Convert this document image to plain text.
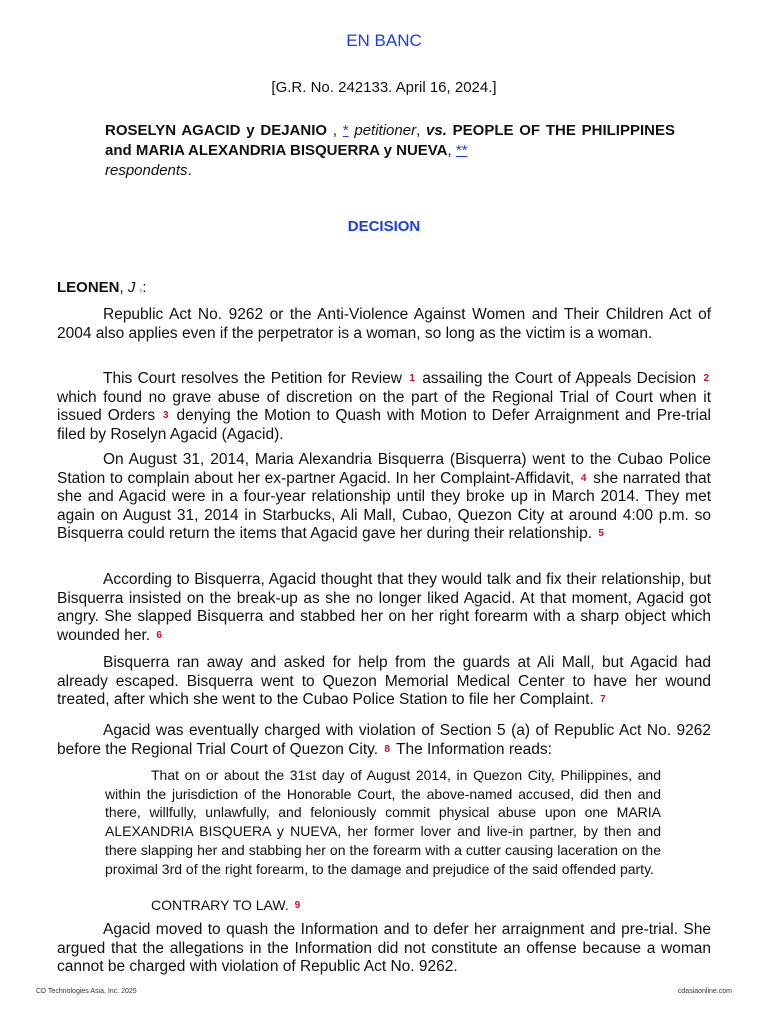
EN BANC
[G.R. No. 242133. April 16, 2024.]
ROSELYN AGACID y DEJANIO , * petitioner, vs. PEOPLE OF THE PHILIPPINES and MARIA ALEXANDRIA BISQUERRA y NUEVA, **
respondents.
DECISION
LEONEN, J p:

Republic Act No. 9262 or the Anti-Violence Against Women and Their Children Act of 2004 also applies even if the perpetrator is a woman, so long as the victim is a woman.

This Court resolves the Petition for Review 1 assailing the Court of Appeals Decision 2 which found no grave abuse of discretion on the part of the Regional Trial of Court when it issued Orders 3 denying the Motion to Quash with Motion to Defer Arraignment and Pre-trial filed by Roselyn Agacid (Agacid).

On August 31, 2014, Maria Alexandria Bisquerra (Bisquerra) went to the Cubao Police Station to complain about her ex-partner Agacid. In her Complaint-Affidavit, 4 she narrated that she and Agacid were in a four-year relationship until they broke up in March 2014. They met again on August 31, 2014 in Starbucks, Ali Mall, Cubao, Quezon City at around 4:00 p.m. so Bisquerra could return the items that Agacid gave her during their relationship. 5

According to Bisquerra, Agacid thought that they would talk and fix their relationship, but Bisquerra insisted on the break-up as she no longer liked Agacid. At that moment, Agacid got angry. She slapped Bisquerra and stabbed her on her right forearm with a sharp object which wounded her. 6

Bisquerra ran away and asked for help from the guards at Ali Mall, but Agacid had already escaped. Bisquerra went to Quezon Memorial Medical Center to have her wound treated, after which she went to the Cubao Police Station to file her Complaint. 7

Agacid was eventually charged with violation of Section 5 (a) of Republic Act No. 9262 before the Regional Trial Court of Quezon City. 8 The Information reads:

That on or about the 31st day of August 2014, in Quezon City, Philippines, and within the jurisdiction of the Honorable Court, the above-named accused, did then and there, willfully, unlawfully, and feloniously commit physical abuse upon one MARIA ALEXANDRIA BISQUERA y NUEVA, her former lover and live-in partner, by then and there slapping her and stabbing her on the forearm with a cutter causing laceration on the proximal 3rd of the right forearm, to the damage and prejudice of the said offended party.

CONTRARY TO LAW. 9

Agacid moved to quash the Information and to defer her arraignment and pre-trial. She argued that the allegations in the Information did not constitute an offense because a woman cannot be charged with violation of Republic Act No. 9262.

CD Technologies Asia, Inc. 2025	cdasiaonline.com
